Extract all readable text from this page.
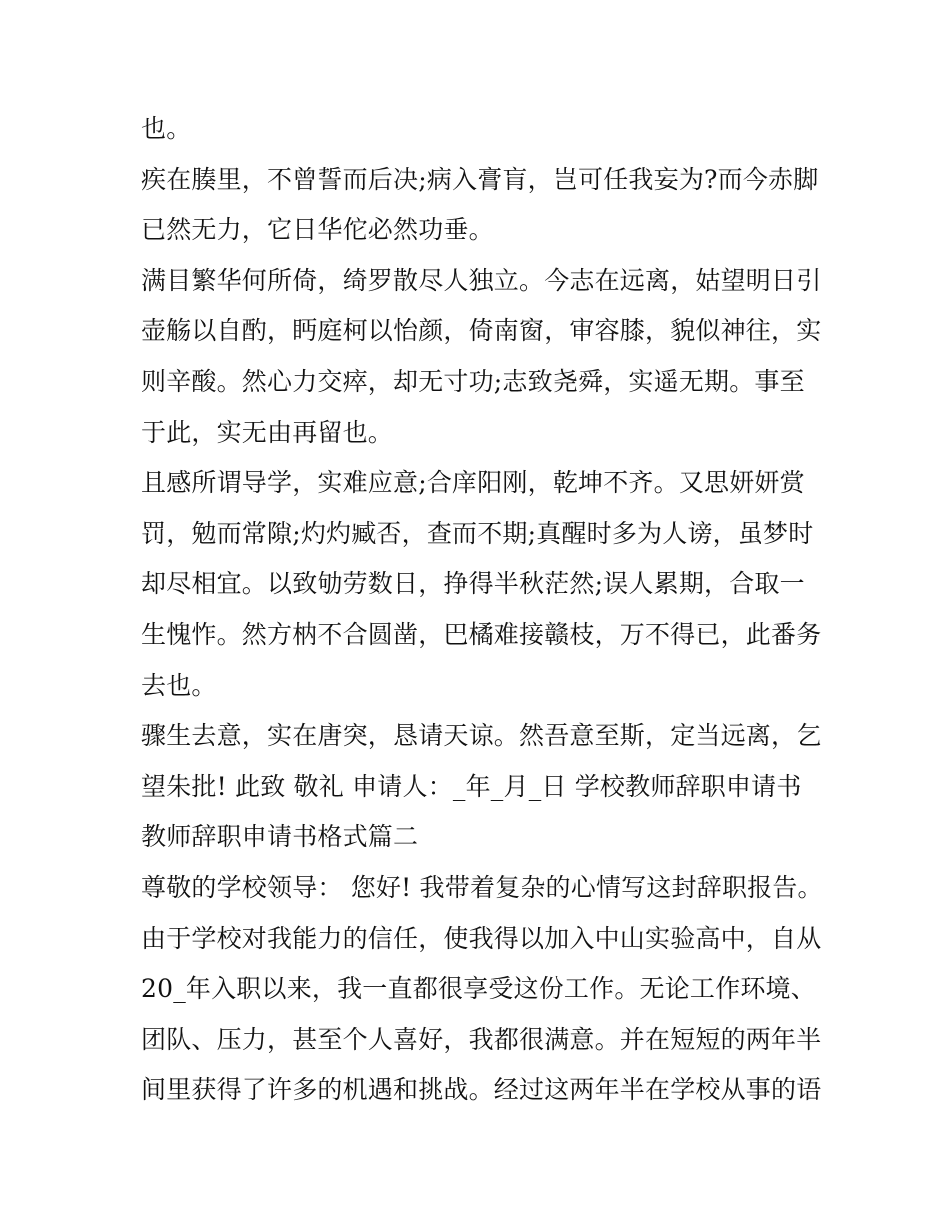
也。
疾在腠里，不曾誓而后决;病入膏肓，岂可任我妄为?而今赤脚
已然无力，它日华佗必然功垂。
满目繁华何所倚，绮罗散尽人独立。今志在远离，姑望明日引
壶觞以自酌，眄庭柯以怡颜，倚南窗，审容膝，貌似神往，实
则辛酸。然心力交瘁，却无寸功;志致尧舜，实遥无期。事至
于此，实无由再留也。
且感所谓导学，实难应意;合庠阳刚，乾坤不齐。又思妍妍赏
罚，勉而常隙;灼灼臧否，查而不期;真醒时多为人谤，虽梦时
却尽相宜。以致劬劳数日，挣得半秋茫然;误人累期，合取一
生愧怍。然方枘不合圆凿，巴橘难接赣枝，万不得已，此番务
去也。
骤生去意，实在唐突，恳请天谅。然吾意至斯，定当远离，乞
望朱批! 此致 敬礼 申请人：_年_月_日 学校教师辞职申请书
教师辞职申请书格式篇二
尊敬的学校领导： 您好! 我带着复杂的心情写这封辞职报告。
由于学校对我能力的信任，使我得以加入中山实验高中，自从
20_年入职以来，我一直都很享受这份工作。无论工作环境、
团队、压力，甚至个人喜好，我都很满意。并在短短的两年半
间里获得了许多的机遇和挑战。经过这两年半在学校从事的语
